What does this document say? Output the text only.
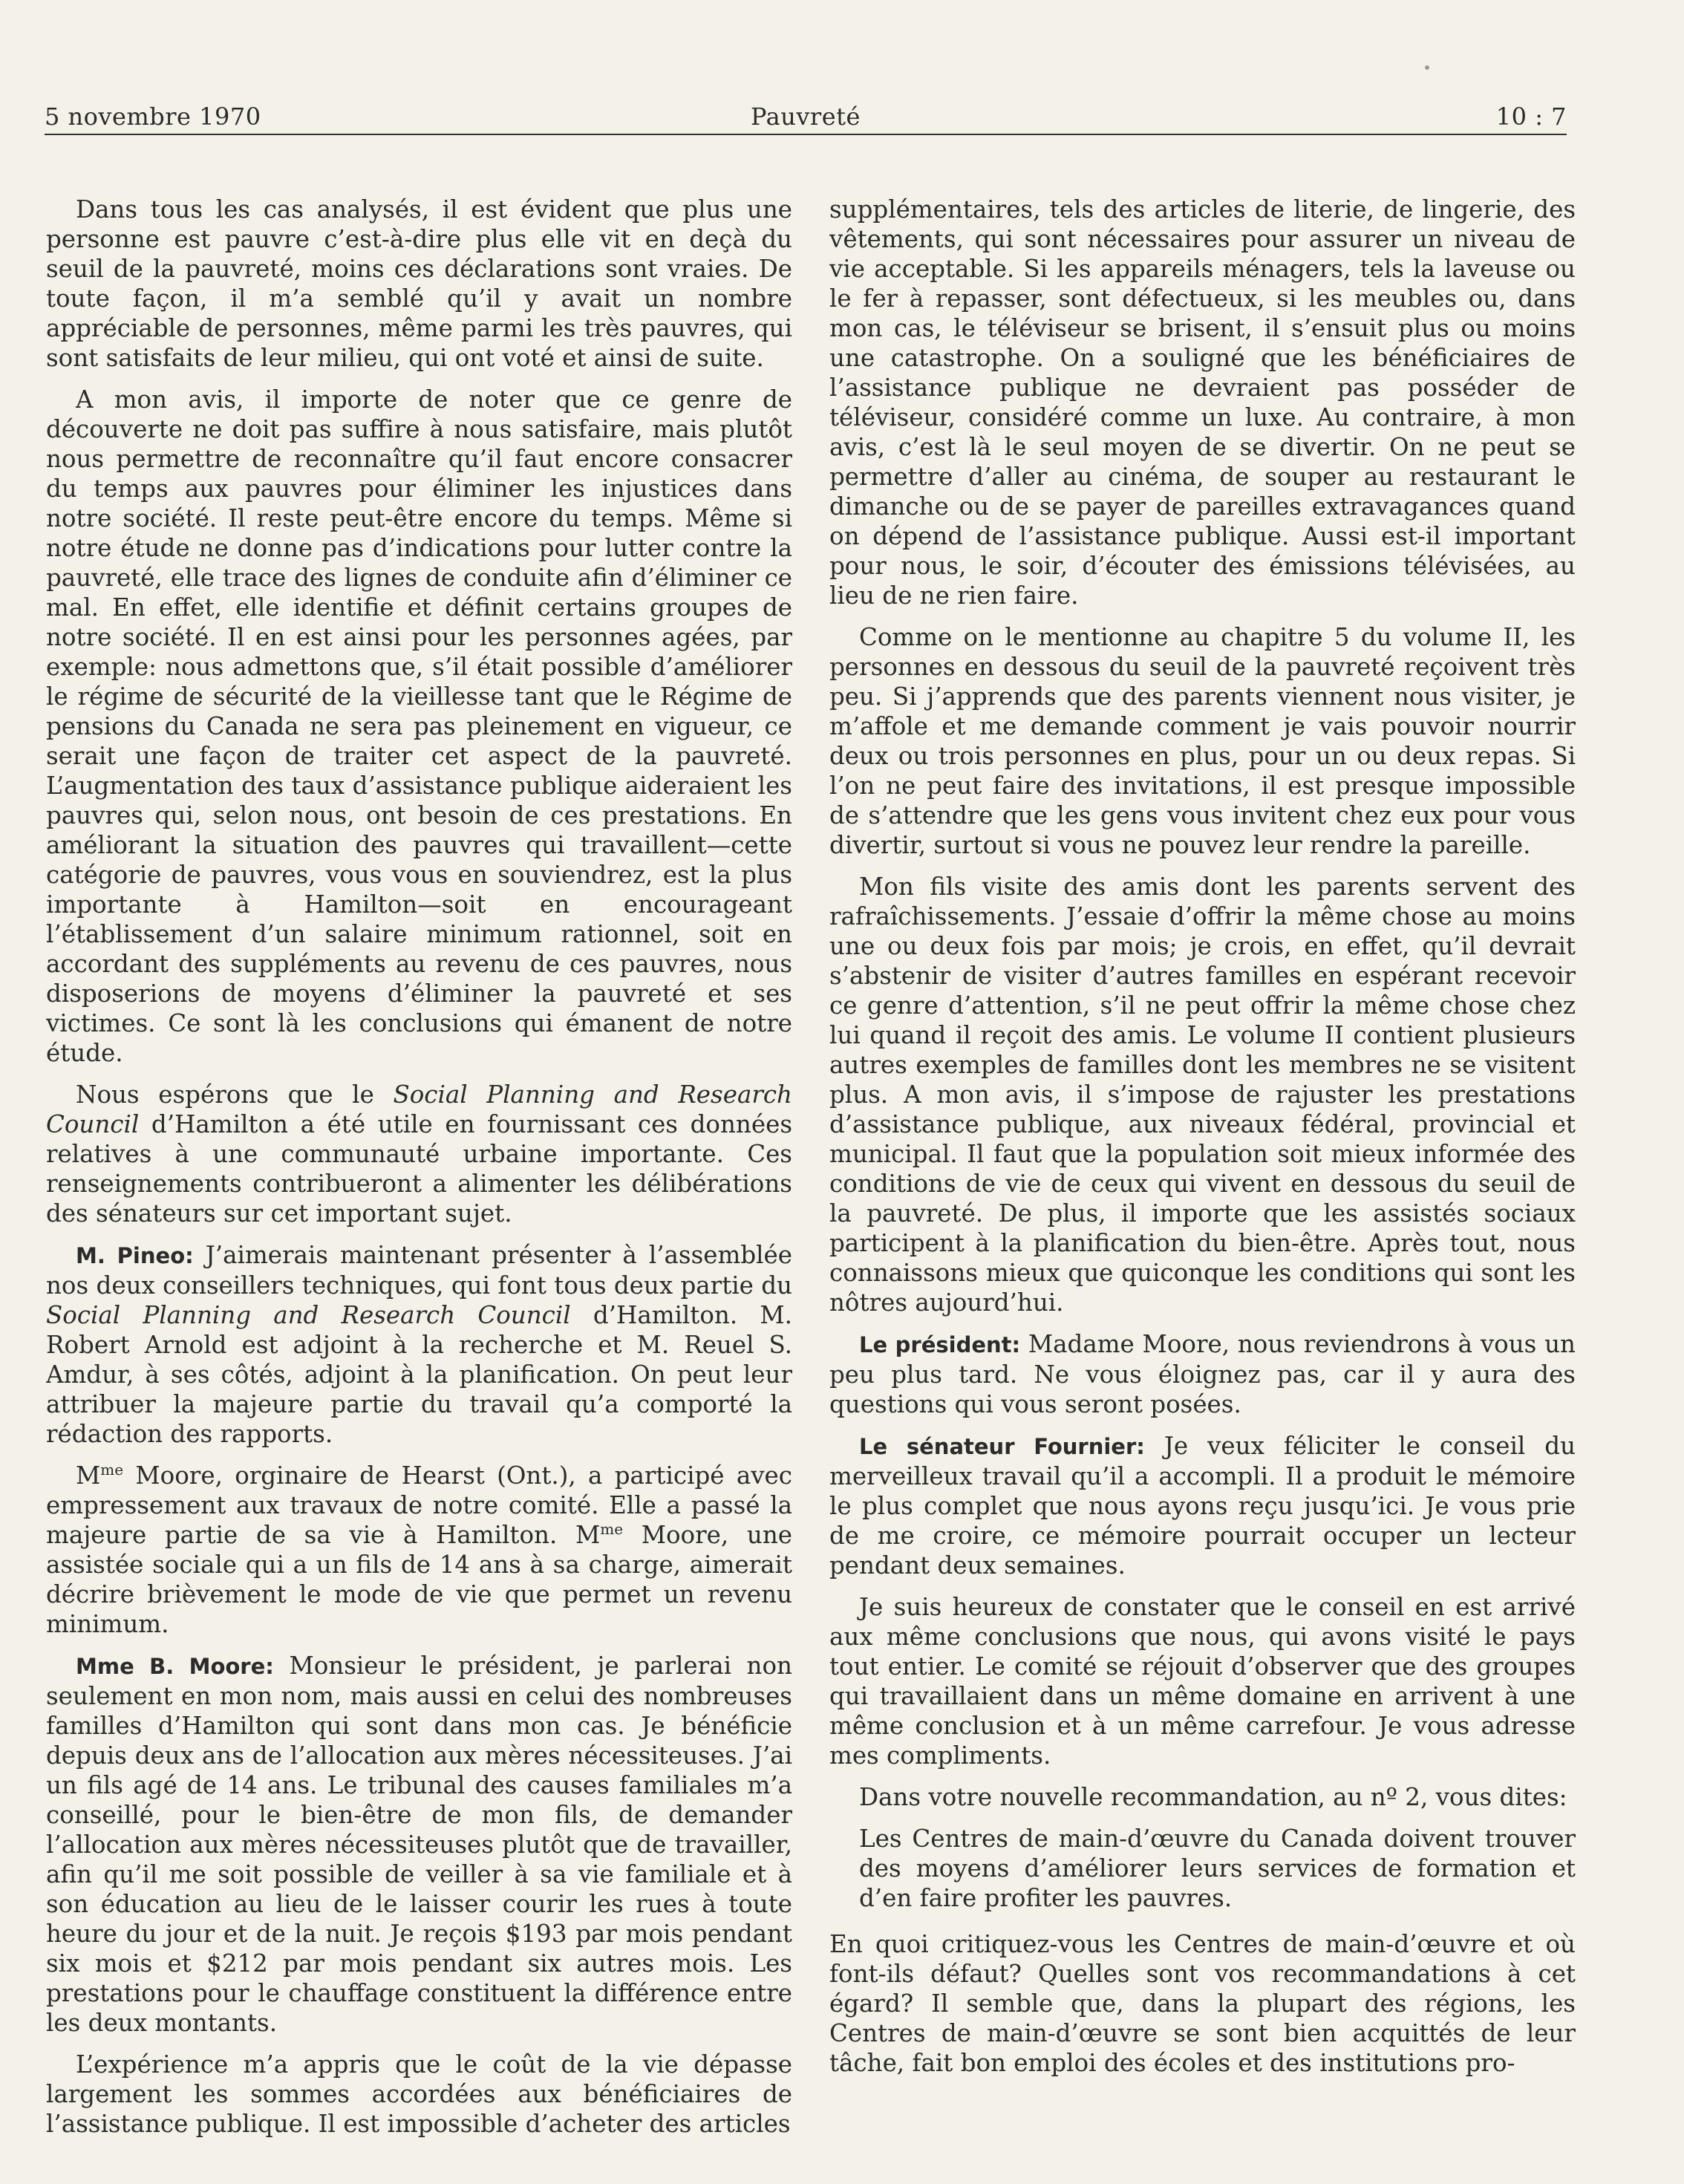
5 novembre 1970	Pauvreté	10 : 7

Dans tous les cas analysés, il est évident que plus une personne est pauvre c’est-à-dire plus elle vit en deçà du seuil de la pauvreté, moins ces déclarations sont vraies. De toute façon, il m’a semblé qu’il y avait un nombre appréciable de personnes, même parmi les très pauvres, qui sont satisfaits de leur milieu, qui ont voté et ainsi de suite.

A mon avis, il importe de noter que ce genre de découverte ne doit pas suffire à nous satisfaire, mais plutôt nous permettre de reconnaître qu’il faut encore consacrer du temps aux pauvres pour éliminer les injustices dans notre société. Il reste peut-être encore du temps. Même si notre étude ne donne pas d’indications pour lutter contre la pauvreté, elle trace des lignes de conduite afin d’éliminer ce mal. En effet, elle identifie et définit certains groupes de notre société. Il en est ainsi pour les personnes agées, par exemple: nous admettons que, s’il était possible d’améliorer le régime de sécurité de la vieillesse tant que le Régime de pensions du Canada ne sera pas pleinement en vigueur, ce serait une façon de traiter cet aspect de la pauvreté. L’augmentation des taux d’assistance publique aideraient les pauvres qui, selon nous, ont besoin de ces prestations. En améliorant la situation des pauvres qui travaillent—cette catégorie de pauvres, vous vous en souviendrez, est la plus importante à Hamilton—soit en encourageant l’établissement d’un salaire minimum rationnel, soit en accordant des suppléments au revenu de ces pauvres, nous disposerions de moyens d’éliminer la pauvreté et ses victimes. Ce sont là les conclusions qui émanent de notre étude.

Nous espérons que le Social Planning and Research Council d’Hamilton a été utile en fournissant ces données relatives à une communauté urbaine importante. Ces renseignements contribueront a alimenter les délibérations des sénateurs sur cet important sujet.

M. Pineo: J’aimerais maintenant présenter à l’assemblée nos deux conseillers techniques, qui font tous deux partie du Social Planning and Research Council d’Hamilton. M. Robert Arnold est adjoint à la recherche et M. Reuel S. Amdur, à ses côtés, adjoint à la planification. On peut leur attribuer la majeure partie du travail qu’a comporté la rédaction des rapports.

$M^{me}$ Moore, orginaire de Hearst (Ont.), a participé avec empressement aux travaux de notre comité. Elle a passé la majeure partie de sa vie à Hamilton. $M^{me}$ Moore, une assistée sociale qui a un fils de 14 ans à sa charge, aimerait décrire brièvement le mode de vie que permet un revenu minimum.

Mme B. Moore: Monsieur le président, je parlerai non seulement en mon nom, mais aussi en celui des nombreuses familles d’Hamilton qui sont dans mon cas. Je bénéficie depuis deux ans de l’allocation aux mères nécessiteuses. J’ai un fils agé de 14 ans. Le tribunal des causes familiales m’a conseillé, pour le bien-être de mon fils, de demander l’allocation aux mères nécessiteuses plutôt que de travailler, afin qu’il me soit possible de veiller à sa vie familiale et à son éducation au lieu de le laisser courir les rues à toute heure du jour et de la nuit. Je reçois $193 par mois pendant six mois et $212 par mois pendant six autres mois. Les prestations pour le chauffage constituent la différence entre les deux montants.

L’expérience m’a appris que le coût de la vie dépasse largement les sommes accordées aux bénéficiaires de l’assistance publique. Il est impossible d’acheter des articles

supplémentaires, tels des articles de literie, de lingerie, des vêtements, qui sont nécessaires pour assurer un niveau de vie acceptable. Si les appareils ménagers, tels la laveuse ou le fer à repasser, sont défectueux, si les meubles ou, dans mon cas, le téléviseur se brisent, il s’ensuit plus ou moins une catastrophe. On a souligné que les bénéficiaires de l’assistance publique ne devraient pas posséder de téléviseur, considéré comme un luxe. Au contraire, à mon avis, c’est là le seul moyen de se divertir. On ne peut se permettre d’aller au cinéma, de souper au restaurant le dimanche ou de se payer de pareilles extravagances quand on dépend de l’assistance publique. Aussi est-il important pour nous, le soir, d’écouter des émissions télévisées, au lieu de ne rien faire.

Comme on le mentionne au chapitre 5 du volume II, les personnes en dessous du seuil de la pauvreté reçoivent très peu. Si j’apprends que des parents viennent nous visiter, je m’affole et me demande comment je vais pouvoir nourrir deux ou trois personnes en plus, pour un ou deux repas. Si l’on ne peut faire des invitations, il est presque impossible de s’attendre que les gens vous invitent chez eux pour vous divertir, surtout si vous ne pouvez leur rendre la pareille.

Mon fils visite des amis dont les parents servent des rafraîchissements. J’essaie d’offrir la même chose au moins une ou deux fois par mois; je crois, en effet, qu’il devrait s’abstenir de visiter d’autres familles en espérant recevoir ce genre d’attention, s’il ne peut offrir la même chose chez lui quand il reçoit des amis. Le volume II contient plusieurs autres exemples de familles dont les membres ne se visitent plus. A mon avis, il s’impose de rajuster les prestations d’assistance publique, aux niveaux fédéral, provincial et municipal. Il faut que la population soit mieux informée des conditions de vie de ceux qui vivent en dessous du seuil de la pauvreté. De plus, il importe que les assistés sociaux participent à la planification du bien-être. Après tout, nous connaissons mieux que quiconque les conditions qui sont les nôtres aujourd’hui.

Le président: Madame Moore, nous reviendrons à vous un peu plus tard. Ne vous éloignez pas, car il y aura des questions qui vous seront posées.

Le sénateur Fournier: Je veux féliciter le conseil du merveilleux travail qu’il a accompli. Il a produit le mémoire le plus complet que nous ayons reçu jusqu’ici. Je vous prie de me croire, ce mémoire pourrait occuper un lecteur pendant deux semaines.

Je suis heureux de constater que le conseil en est arrivé aux même conclusions que nous, qui avons visité le pays tout entier. Le comité se réjouit d’observer que des groupes qui travaillaient dans un même domaine en arrivent à une même conclusion et à un même carrefour. Je vous adresse mes compliments.

Dans votre nouvelle recommandation, au nº 2, vous dites:

Les Centres de main-d’œuvre du Canada doivent trouver des moyens d’améliorer leurs services de formation et d’en faire profiter les pauvres.

En quoi critiquez-vous les Centres de main-d’œuvre et où font-ils défaut? Quelles sont vos recommandations à cet égard? Il semble que, dans la plupart des régions, les Centres de main-d’œuvre se sont bien acquittés de leur tâche, fait bon emploi des écoles et des institutions pro-
